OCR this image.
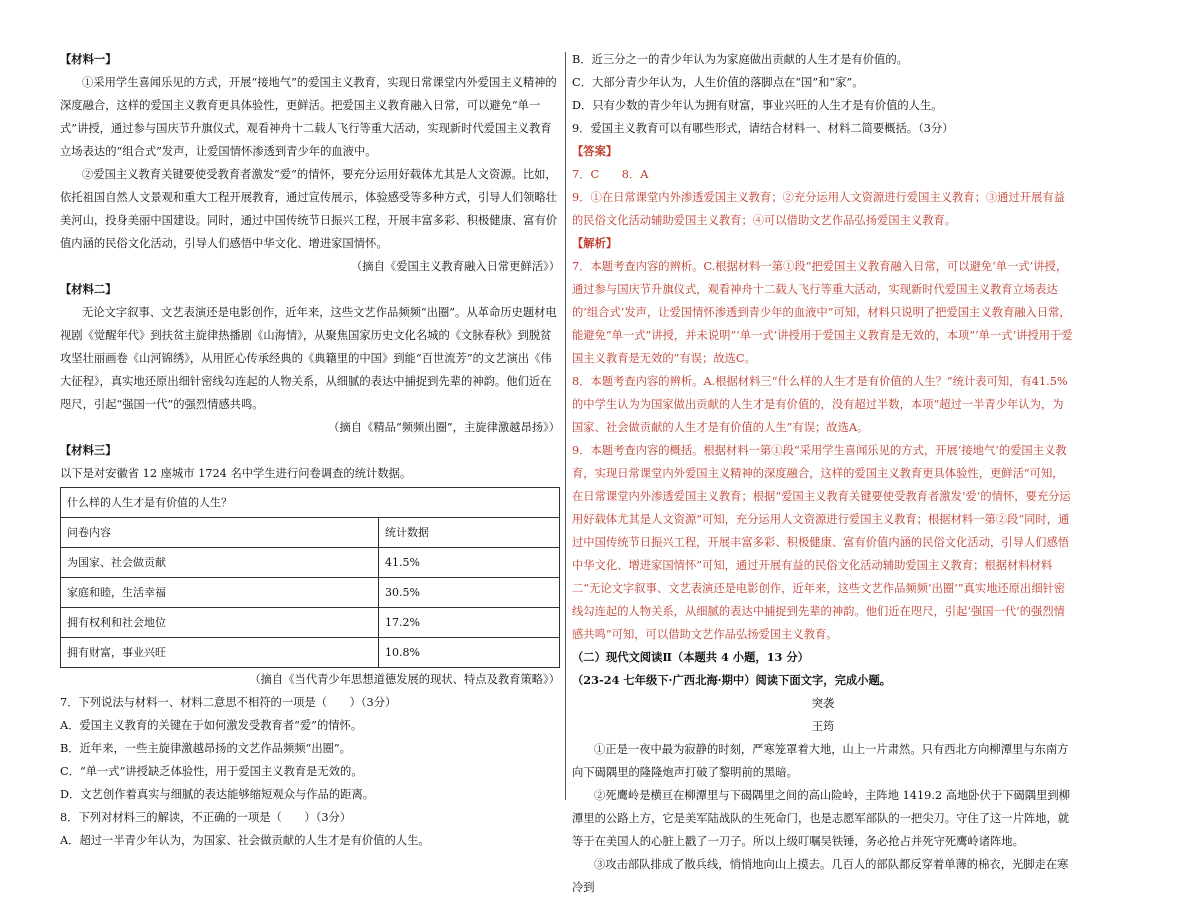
【材料一】

①采用学生喜闻乐见的方式，开展“接地气”的爱国主义教育，实现日常课堂内外爱国主义精神的深度融合，这样的爱国主义教育更具体验性，更鲜活。把爱国主义教育融入日常，可以避免“单一式”讲授，通过参与国庆节升旗仪式，观看神舟十二载人飞行等重大活动，实现新时代爱国主义教育立场表达的“组合式”发声，让爱国情怀渗透到青少年的血液中。

②爱国主义教育关键要使受教育者激发“爱”的情怀，要充分运用好载体尤其是人文资源。比如，依托祖国自然人文景观和重大工程开展教育，通过宣传展示，体验感受等多种方式，引导人们领略壮美河山，投身美丽中国建设。同时，通过中国传统节日振兴工程，开展丰富多彩、积极健康、富有价值内涵的民俗文化活动，引导人们感悟中华文化、增进家国情怀。

（摘自《爱国主义教育融入日常更鲜活》）

【材料二】

无论文字叙事、文艺表演还是电影创作，近年来，这些文艺作品频频“出圈”。从革命历史题材电视剧《觉醒年代》到扶贫主旋律热播剧《山海情》，从聚焦国家历史文化名城的《文脉春秋》到脱贫攻坚壮丽画卷《山河锦绣》，从用匠心传承经典的《典籍里的中国》到能“百世流芳”的文艺演出《伟大征程》，真实地还原出细针密线勾连起的人物关系，从细腻的表达中捕捉到先辈的神韵。他们近在咫尺，引起“强国一代”的强烈情感共鸣。

（摘自《精品“频频出圈”，主旋律激越昂扬》）

【材料三】

以下是对安徽省 12 座城市 1724 名中学生进行问卷调查的统计数据。

什么样的人生才是有价值的人生？	
问卷内容	统计数据
为国家、社会做贡献	41.5%
家庭和睦，生活幸福	30.5%
拥有权利和社会地位	17.2%
拥有财富，事业兴旺	10.8%

（摘自《当代青少年思想道德发展的现状、特点及教育策略》）

7．下列说法与材料一、材料二意思不相符的一项是（　　）（3分）

A．爱国主义教育的关键在于如何激发受教育者“爱”的情怀。

B．近年来，一些主旋律激越昂扬的文艺作品频频“出圈”。

C．“单一式”讲授缺乏体验性，用于爱国主义教育是无效的。

D．文艺创作着真实与细腻的表达能够缩短观众与作品的距离。

8．下列对材料三的解读，不正确的一项是（　　）（3分）

A．超过一半青少年认为，为国家、社会做贡献的人生才是有价值的人生。

B．近三分之一的青少年认为为家庭做出贡献的人生才是有价值的。

C．大部分青少年认为，人生价值的落脚点在“国”和“家”。

D．只有少数的青少年认为拥有财富，事业兴旺的人生才是有价值的人生。

9．爱国主义教育可以有哪些形式，请结合材料一、材料二简要概括。（3分）

【答案】

7．C　　8．A

9．①在日常课堂内外渗透爱国主义教育；②充分运用人文资源进行爱国主义教育；③通过开展有益的民俗文化活动辅助爱国主义教育；④可以借助文艺作品弘扬爱国主义教育。

【解析】

7．本题考查内容的辨析。C.根据材料一第①段“把爱国主义教育融入日常，可以避免‘单一式’讲授，通过参与国庆节升旗仪式，观看神舟十二载人飞行等重大活动，实现新时代爱国主义教育立场表达的‘组合式’发声，让爱国情怀渗透到青少年的血液中”可知，材料只说明了把爱国主义教育融入日常，能避免“单一式”讲授，并未说明“‘单一式’讲授用于爱国主义教育是无效的，本项“‘单一式’讲授用于爱国主义教育是无效的”有误；故选C。

8．本题考查内容的辨析。A.根据材料三“什么样的人生才是有价值的人生？”统计表可知，有41.5%的中学生认为为国家做出贡献的人生才是有价值的，没有超过半数，本项“超过一半青少年认为，为国家、社会做贡献的人生才是有价值的人生”有误；故选A。

9．本题考查内容的概括。根据材料一第①段“采用学生喜闻乐见的方式，开展‘接地气’的爱国主义教育，实现日常课堂内外爱国主义精神的深度融合，这样的爱国主义教育更具体验性，更鲜活”可知，在日常课堂内外渗透爱国主义教育；根据“爱国主义教育关键要使受教育者激发‘爱’的情怀，要充分运用好载体尤其是人文资源”可知，充分运用人文资源进行爱国主义教育；根据材料一第②段“同时，通过中国传统节日振兴工程，开展丰富多彩、积极健康、富有价值内涵的民俗文化活动，引导人们感悟中华文化、增进家国情怀”可知，通过开展有益的民俗文化活动辅助爱国主义教育；根据材料材料二“无论文字叙事、文艺表演还是电影创作，近年来，这些文艺作品频频‘出圈’”真实地还原出细针密线勾连起的人物关系，从细腻的表达中捕捉到先辈的神韵。他们近在咫尺，引起‘强国一代’的强烈情感共鸣”可知，可以借助文艺作品弘扬爱国主义教育。

（二）现代文阅读Ⅱ（本题共 4 小题，13 分）

（23-24 七年级下·广西北海·期中）阅读下面文字，完成小题。

突袭

王筠

①正是一夜中最为寂静的时刻，严寒笼罩着大地，山上一片肃然。只有西北方向柳潭里与东南方向下碣隅里的隆隆炮声打破了黎明前的黑暗。

②死鹰岭是横亘在柳潭里与下碣隅里之间的高山险岭，主阵地 1419.2 高地卧伏于下碣隅里到柳潭里的公路上方，它是美军陆战队的生死命门，也是志愿军部队的一把尖刀。守住了这一片阵地，就等于在美国人的心脏上戳了一刀子。所以上级叮嘱吴铁锤，务必抢占并死守死鹰岭诸阵地。

③攻击部队排成了散兵线，悄悄地向山上摸去。几百人的部队都反穿着单薄的棉衣，光脚走在寒冷到
